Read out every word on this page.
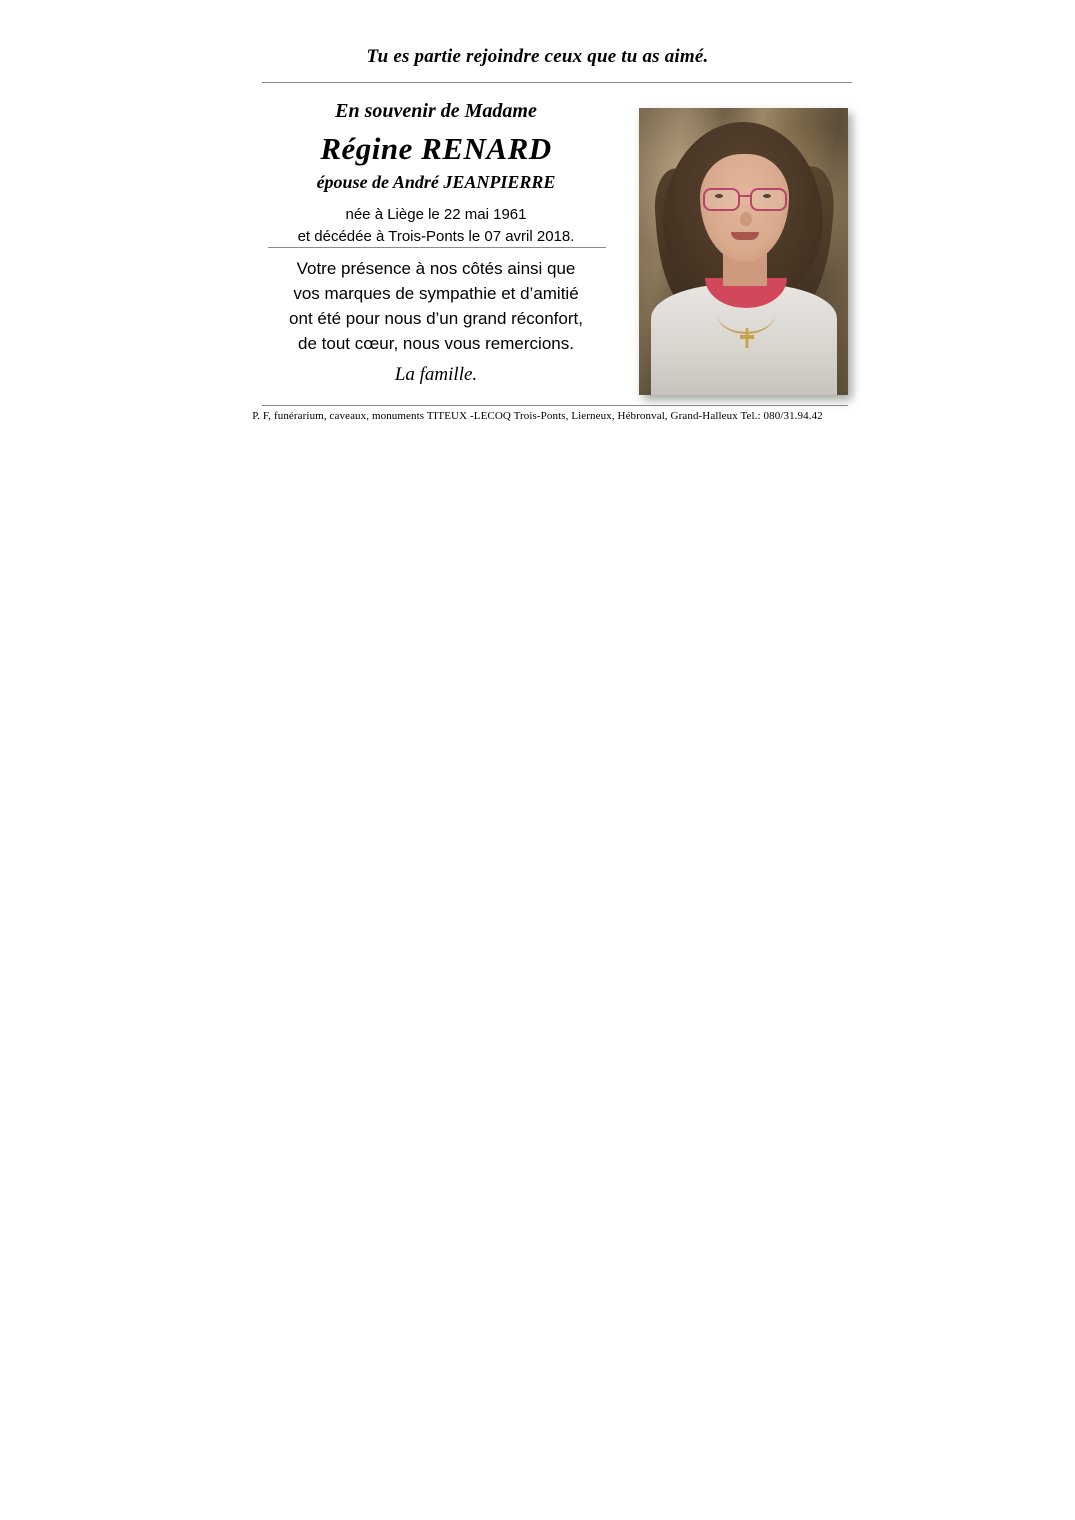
Tu es partie rejoindre ceux que tu as aimé.
En souvenir de Madame
Régine RENARD
épouse de André JEANPIERRE
née à Liège le 22 mai 1961
et décédée à Trois-Ponts le 07 avril 2018.

Votre présence à nos côtés ainsi que

vos marques de sympathie et d’amitié

ont été pour nous d’un grand réconfort,

de tout cœur, nous vous remercions.

La famille.
P. F, funérarium, caveaux, monuments TITEUX -LECOQ Trois-Ponts, Lierneux, Hébronval, Grand-Halleux Tel.: 080/31.94.42
